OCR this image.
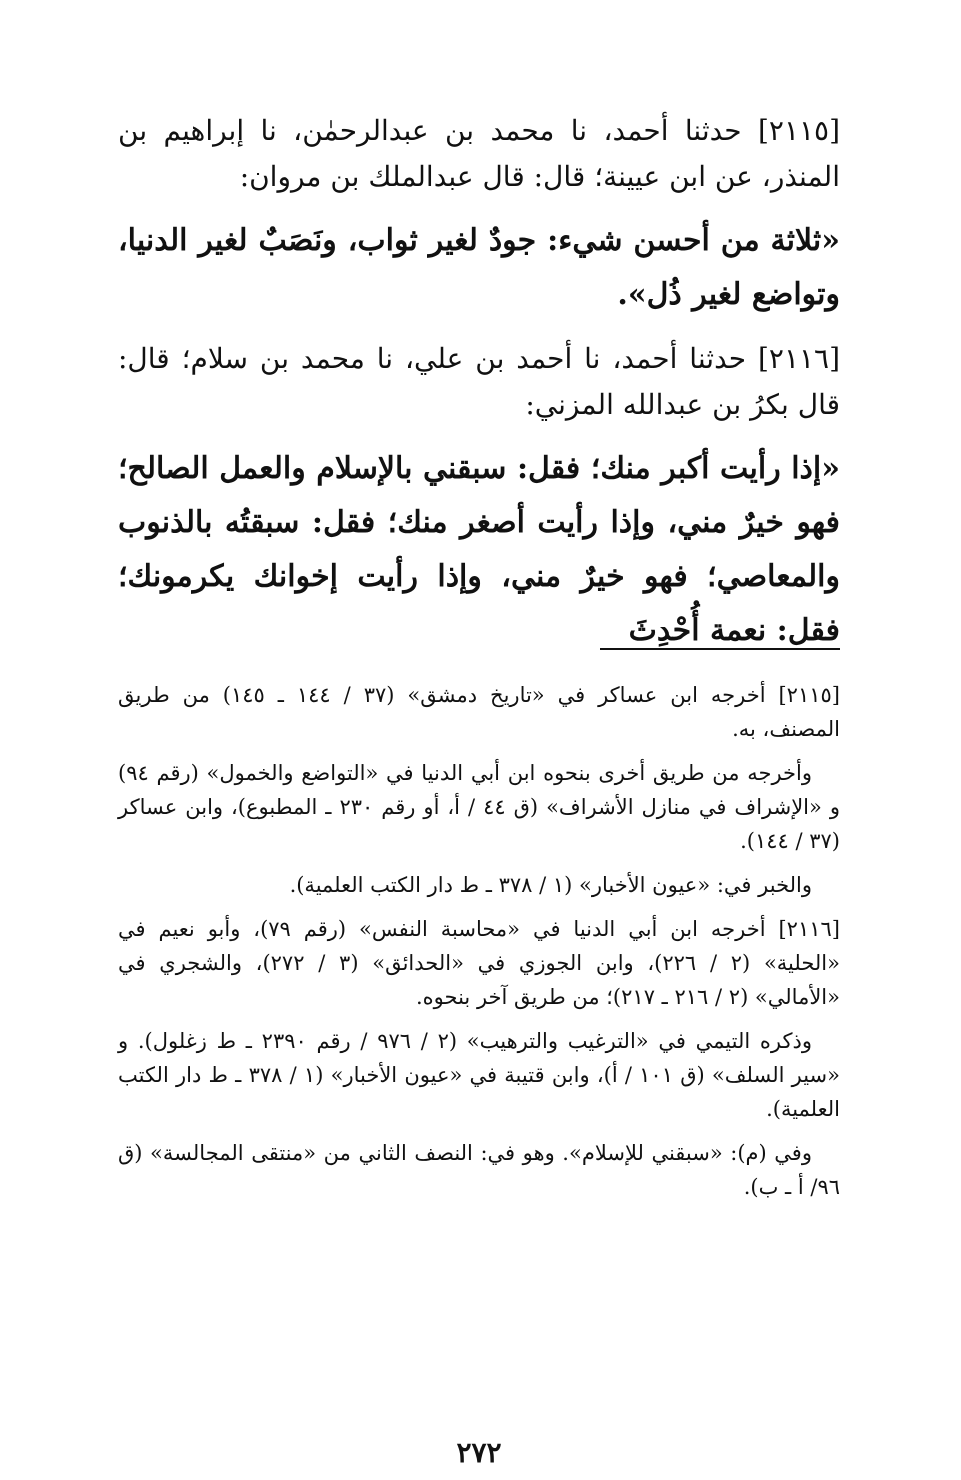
[٢١١٥] حدثنا أحمد، نا محمد بن عبدالرحمٰن، نا إبراهيم بن المنذر، عن ابن عيينة؛ قال: قال عبدالملك بن مروان:

«ثلاثة من أحسن شيء: جودٌ لغير ثواب، ونَصَبٌ لغير الدنيا، وتواضع لغير ذُل».

[٢١١٦] حدثنا أحمد، نا أحمد بن علي، نا محمد بن سلام؛ قال: قال بكرُ بن عبدالله المزني:

«إذا رأيت أكبر منك؛ فقل: سبقني بالإسلام والعمل الصالح؛ فهو خيرٌ مني، وإذا رأيت أصغر منك؛ فقل: سبقتُه بالذنوب والمعاصي؛ فهو خيرٌ مني، وإذا رأيت إخوانك يكرمونك؛ فقل: نعمة أُحْدِثَ

[٢١١٥] أخرجه ابن عساكر في «تاريخ دمشق» (٣٧ / ١٤٤ ـ ١٤٥) من طريق المصنف، به.

وأخرجه من طريق أخرى بنحوه ابن أبي الدنيا في «التواضع والخمول» (رقم ٩٤) و «الإشراف في منازل الأشراف» (ق ٤٤ / أ، أو رقم ٢٣٠ ـ المطبوع)، وابن عساكر (٣٧ / ١٤٤).

والخبر في: «عيون الأخبار» (١ / ٣٧٨ ـ ط دار الكتب العلمية).

[٢١١٦] أخرجه ابن أبي الدنيا في «محاسبة النفس» (رقم ٧٩)، وأبو نعيم في «الحلية» (٢ / ٢٢٦)، وابن الجوزي في «الحدائق» (٣ / ٢٧٢)، والشجري في «الأمالي» (٢ / ٢١٦ ـ ٢١٧)؛ من طريق آخر بنحوه.

وذكره التيمي في «الترغيب والترهيب» (٢ / ٩٧٦ / رقم ٢٣٩٠ ـ ط زغلول). و «سير السلف» (ق ١٠١ / أ)، وابن قتيبة في «عيون الأخبار» (١ / ٣٧٨ ـ ط دار الكتب العلمية).

وفي (م): «سبقني للإسلام». وهو في: النصف الثاني من «منتقى المجالسة» (ق ٩٦/ أ ـ ب).

٢٧٢
